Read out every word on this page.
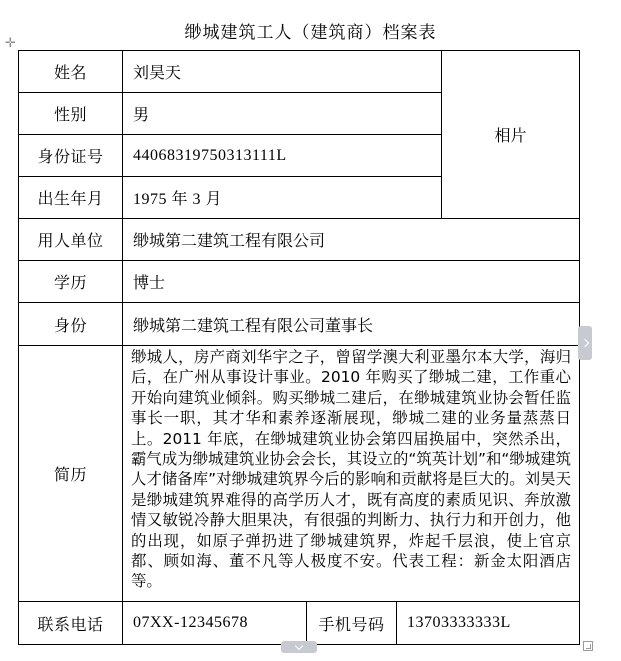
缈城建筑工人（建筑商）档案表
✛
姓名	刘昊天			相片
性别	男			
身份证号	44068319750313111L			
出生年月	1975 年 3 月			
用人单位	缈城第二建筑工程有限公司			
学历	博士			
身份	缈城第二建筑工程有限公司董事长			
简历	缈城人，房产商刘华宇之子，曾留学澳大利亚墨尔本大学，海归后，在广州从事设计事业。2010 年购买了缈城二建，工作重心开始向建筑业倾斜。购买缈城二建后，在缈城建筑业协会暂任监事长一职，其才华和素养逐渐展现，缈城二建的业务量蒸蒸日上。2011 年底，在缈城建筑业协会第四届换届中，突然杀出，霸气成为缈城建筑业协会会长，其设立的“筑英计划”和“缈城建筑人才储备库”对缈城建筑界今后的影响和贡献将是巨大的。刘昊天是缈城建筑界难得的高学历人才，既有高度的素质见识、奔放激情又敏锐冷静大胆果决，有很强的判断力、执行力和开创力，他的出现，如原子弹扔进了缈城建筑界，炸起千层浪，使上官京都、顾如海、董不凡等人极度不安。代表工程：新金太阳酒店等。			

联系电话	07XX-12345678	手机号码	13703333333L	
